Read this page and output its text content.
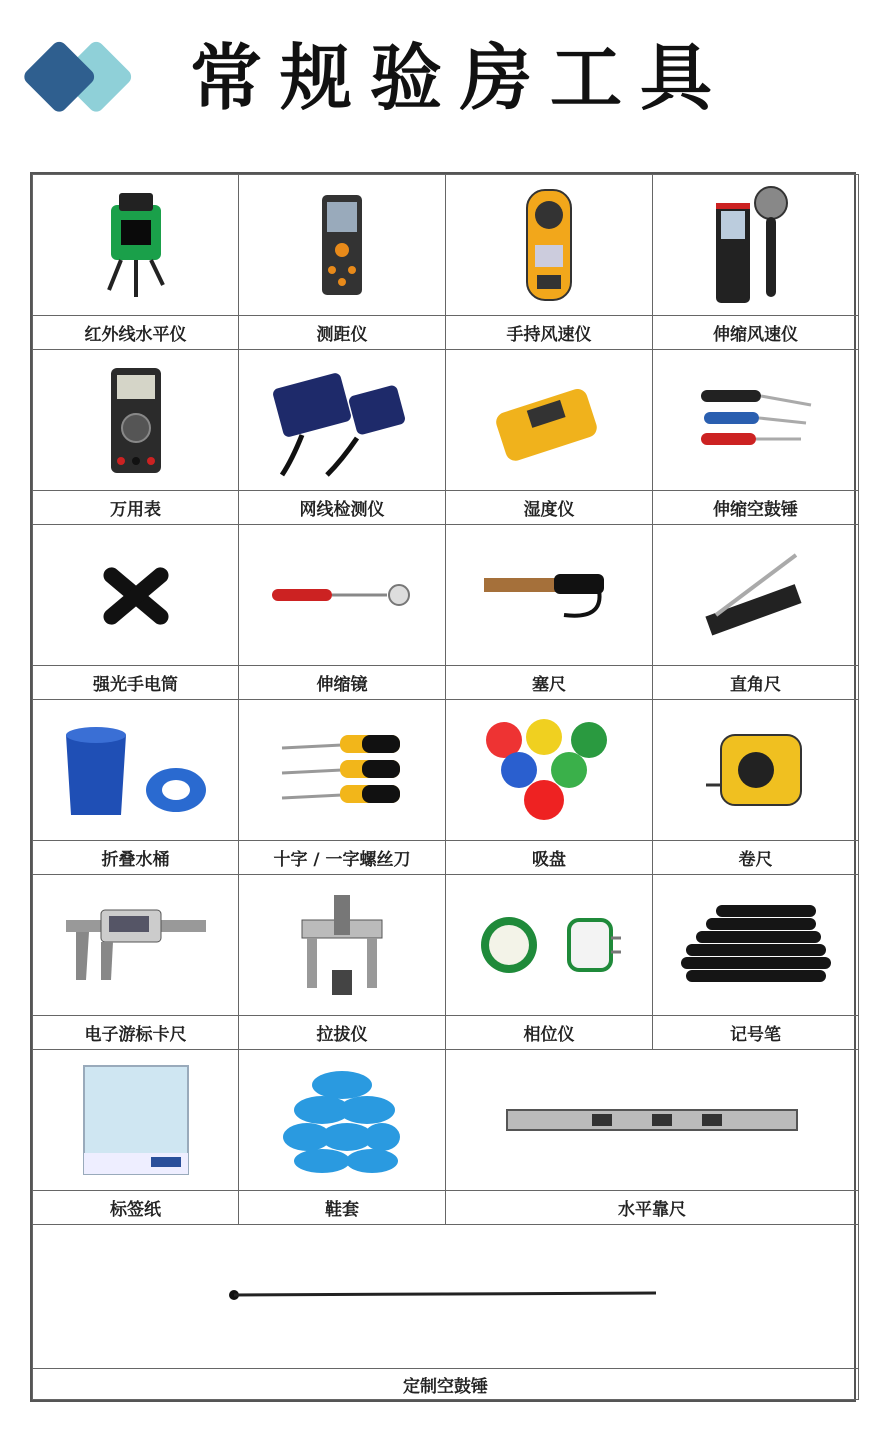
常规验房工具

红外线水平仪	测距仪	手持风速仪	伸缩风速仪

万用表	网线检测仪	湿度仪	伸缩空鼓锤

强光手电筒	伸缩镜	塞尺	直角尺

折叠水桶	十字 / 一字螺丝刀	吸盘	卷尺

电子游标卡尺	拉拔仪	相位仪	记号笔

标签纸	鞋套	水平靠尺	

定制空鼓锤			
